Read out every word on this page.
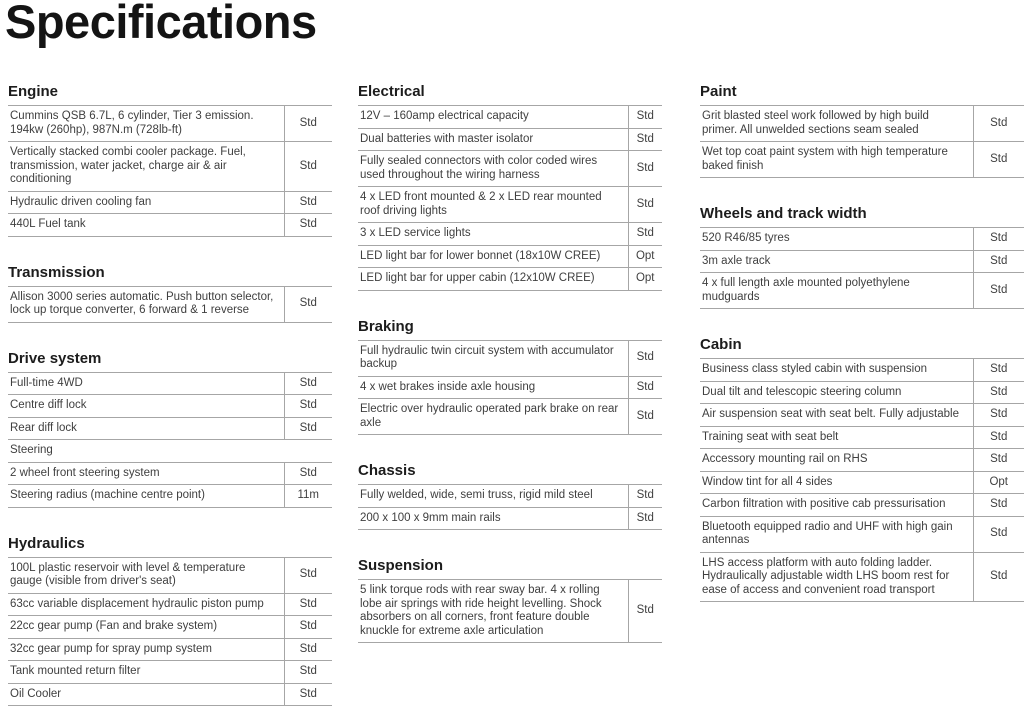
Specifications
Engine
Cummins QSB 6.7L, 6 cylinder, Tier 3 emission. 194kw (260hp), 987N.m (728lb-ft)	Std
Vertically stacked combi cooler package. Fuel, transmission, water jacket, charge air & air conditioning	Std
Hydraulic driven cooling fan	Std
440L Fuel tank	Std
Transmission
Allison 3000 series automatic. Push button selector, lock up torque converter, 6 forward & 1 reverse	Std
Drive system
Full-time 4WD	Std
Centre diff lock	Std
Rear diff lock	Std
Steering	
2 wheel front steering system	Std
Steering radius (machine centre point)	11m
Hydraulics
100L plastic reservoir with level & temperature gauge (visible from driver's seat)	Std
63cc variable displacement hydraulic piston pump	Std
22cc gear pump (Fan and brake system)	Std
32cc gear pump for spray pump system	Std
Tank mounted return filter	Std
Oil Cooler	Std
Electrical
12V – 160amp electrical capacity	Std
Dual batteries with master isolator	Std
Fully sealed connectors with color coded wires used throughout the wiring harness	Std
4 x LED front mounted & 2 x LED rear mounted roof driving lights	Std
3 x LED service lights	Std
LED light bar for lower bonnet (18x10W CREE)	Opt
LED light bar for upper cabin (12x10W CREE)	Opt
Braking
Full hydraulic twin circuit system with accumulator backup	Std
4 x wet brakes inside axle housing	Std
Electric over hydraulic operated park brake on rear axle	Std
Chassis
Fully welded, wide, semi truss, rigid mild steel	Std
200 x 100 x 9mm main rails	Std
Suspension
5 link torque rods with rear sway bar. 4 x rolling lobe air springs with ride height levelling. Shock absorbers on all corners, front feature double knuckle for extreme axle articulation	Std
Paint
Grit blasted steel work followed by high build primer. All unwelded sections seam sealed	Std
Wet top coat paint system with high temperature baked finish	Std
Wheels and track width
520 R46/85 tyres	Std
3m axle track	Std
4 x full length axle mounted polyethylene mudguards	Std
Cabin
Business class styled cabin with suspension	Std
Dual tilt and telescopic steering column	Std
Air suspension seat with seat belt. Fully adjustable	Std
Training seat with seat belt	Std
Accessory mounting rail on RHS	Std
Window tint for all 4 sides	Opt
Carbon filtration with positive cab pressurisation	Std
Bluetooth equipped radio and UHF with high gain antennas	Std
LHS access platform with auto folding ladder. Hydraulically adjustable width LHS boom rest for ease of access and convenient road transport	Std
